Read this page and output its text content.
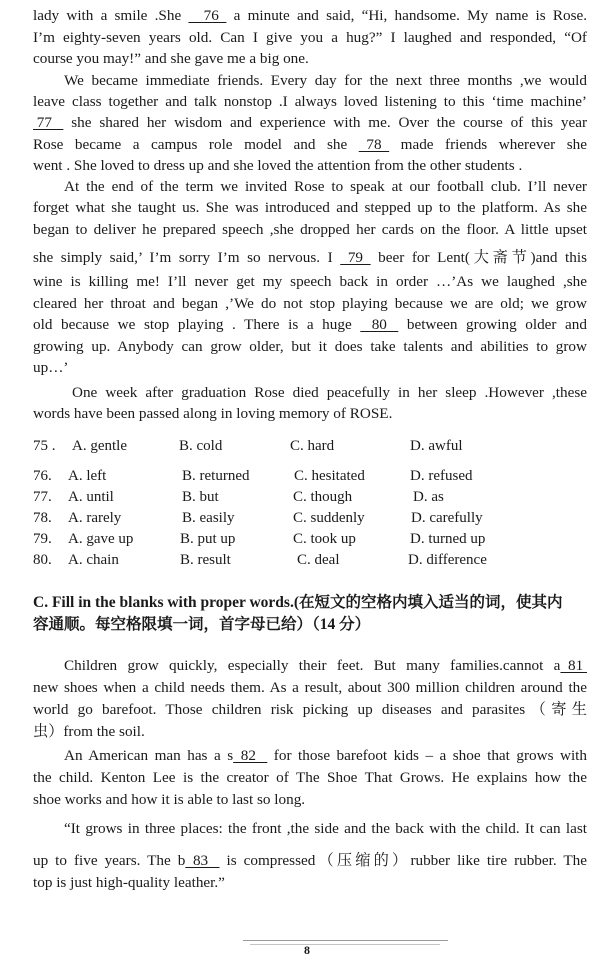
lady with a smile .She     76   a minute and said, “Hi, handsome. My name is Rose.
I’m eighty-seven years old. Can I give you a hug?” I laughed and responded, “Of
course you may!” and she gave me a big one.
We became immediate friends. Every day for the next three months ,we would
leave class together and talk nonstop .I always loved listening to this ‘time machine’
77    she shared her wisdom and experience with me. Over the course of this year
Rose became a campus role model and she   78   made friends wherever she
went . She loved to dress up and she loved the attention from the other students .
At the end of the term we invited Rose to speak at our football club. I’ll never
forget what she taught us. She was introduced and stepped up to the platform. As she
began to deliver he prepared speech ,she dropped her cards on the floor. A little upset
she simply said,’ I’m sorry I’m so nervous. I   79   beer for Lent(大斋节)and this
wine is killing me! I’ll never get my speech back in order …’As we laughed ,she
cleared her throat and began ,’We do not stop playing because we are old; we grow
old because we stop playing . There is a huge    80    between growing older and
growing up. Anybody can grow older, but it does take talents and abilities to grow
up…’
One week after graduation Rose died peacefully in her sleep .However ,these
words have been passed along in loving memory of ROSE.
75 . A. gentle	B. cold	C. hard	D. awful
76. A. left	B. returned	C. hesitated	D. refused
77. A. until	B. but	C. though	D. as
78. A. rarely	B. easily	C. suddenly	D. carefully
79. A. gave up	B. put up	C. took up	D. turned up
80. A. chain	B. result	C. deal	D. difference
C. Fill in the blanks with proper words.(在短文的空格内填入适当的词，使其内
容通顺。每空格限填一词，首字母已给）（14 分）
Children grow quickly, especially their feet. But many families.cannot a  81
new shoes when a child needs them. As a result, about 300 million children around the
world go barefoot. Those children risk picking up diseases and parasites（寄生
虫）from the soil.
An American man has a s  82    for those barefoot kids – a shoe that grows with
the child. Kenton Lee is the creator of The Shoe That Grows. He explains how the
shoe works and how it is able to last so long.
“It grows in three places: the front ,the side and the back with the child. It can last
up to five years. The b  83    is compressed（压缩的）rubber like tire rubber. The
top is just high-quality leather.”
8
